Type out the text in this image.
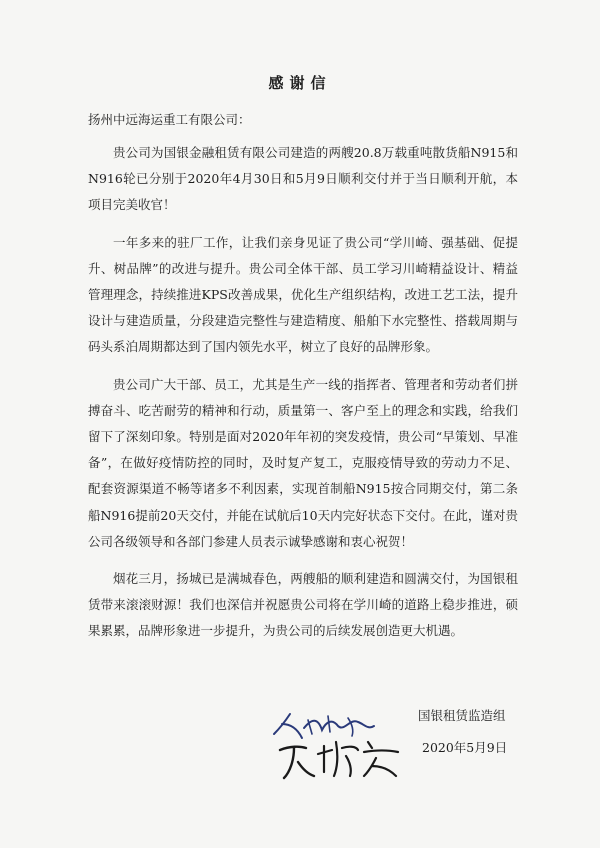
感谢信
扬州中远海运重工有限公司：

贵公司为国银金融租赁有限公司建造的两艘20.8万载重吨散货船N915和N916轮已分别于2020年4月30日和5月9日顺利交付并于当日顺利开航，本项目完美收官！

一年多来的驻厂工作，让我们亲身见证了贵公司“学川崎、强基础、促提升、树品牌”的改进与提升。贵公司全体干部、员工学习川崎精益设计、精益管理理念，持续推进KPS改善成果，优化生产组织结构，改进工艺工法，提升设计与建造质量，分段建造完整性与建造精度、船舶下水完整性、搭载周期与码头系泊周期都达到了国内领先水平，树立了良好的品牌形象。

贵公司广大干部、员工，尤其是生产一线的指挥者、管理者和劳动者们拼搏奋斗、吃苦耐劳的精神和行动，质量第一、客户至上的理念和实践，给我们留下了深刻印象。特别是面对2020年年初的突发疫情，贵公司“早策划、早准备”，在做好疫情防控的同时，及时复产复工，克服疫情导致的劳动力不足、配套资源渠道不畅等诸多不利因素，实现首制船N915按合同期交付，第二条船N916提前20天交付，并能在试航后10天内完好状态下交付。在此，谨对贵公司各级领导和各部门参建人员表示诚挚感谢和衷心祝贺！

烟花三月，扬城已是满城春色，两艘船的顺利建造和圆满交付，为国银租赁带来滚滚财源！我们也深信并祝愿贵公司将在学川崎的道路上稳步推进，硕果累累，品牌形象进一步提升，为贵公司的后续发展创造更大机遇。

国银租赁监造组
2020年5月9日
